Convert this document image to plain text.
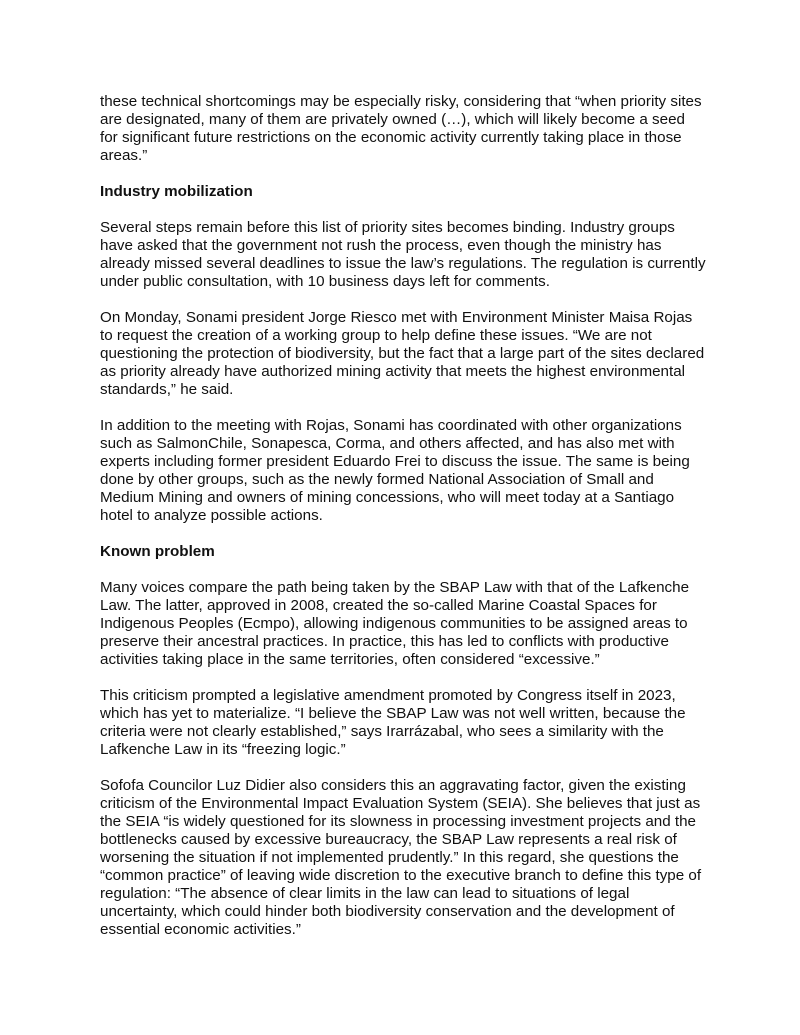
these technical shortcomings may be especially risky, considering that “when priority sites are designated, many of them are privately owned (…), which will likely become a seed for significant future restrictions on the economic activity currently taking place in those areas.”

Industry mobilization

Several steps remain before this list of priority sites becomes binding. Industry groups have asked that the government not rush the process, even though the ministry has already missed several deadlines to issue the law’s regulations. The regulation is currently under public consultation, with 10 business days left for comments.

On Monday, Sonami president Jorge Riesco met with Environment Minister Maisa Rojas to request the creation of a working group to help define these issues. “We are not questioning the protection of biodiversity, but the fact that a large part of the sites declared as priority already have authorized mining activity that meets the highest environmental standards,” he said.

In addition to the meeting with Rojas, Sonami has coordinated with other organizations such as SalmonChile, Sonapesca, Corma, and others affected, and has also met with experts including former president Eduardo Frei to discuss the issue. The same is being done by other groups, such as the newly formed National Association of Small and Medium Mining and owners of mining concessions, who will meet today at a Santiago hotel to analyze possible actions.

Known problem

Many voices compare the path being taken by the SBAP Law with that of the Lafkenche Law. The latter, approved in 2008, created the so-called Marine Coastal Spaces for Indigenous Peoples (Ecmpo), allowing indigenous communities to be assigned areas to preserve their ancestral practices. In practice, this has led to conflicts with productive activities taking place in the same territories, often considered “excessive.”

This criticism prompted a legislative amendment promoted by Congress itself in 2023, which has yet to materialize. “I believe the SBAP Law was not well written, because the criteria were not clearly established,” says Irarrázabal, who sees a similarity with the Lafkenche Law in its “freezing logic.”

Sofofa Councilor Luz Didier also considers this an aggravating factor, given the existing criticism of the Environmental Impact Evaluation System (SEIA). She believes that just as the SEIA “is widely questioned for its slowness in processing investment projects and the bottlenecks caused by excessive bureaucracy, the SBAP Law represents a real risk of worsening the situation if not implemented prudently.” In this regard, she questions the “common practice” of leaving wide discretion to the executive branch to define this type of regulation: “The absence of clear limits in the law can lead to situations of legal uncertainty, which could hinder both biodiversity conservation and the development of essential economic activities.”
